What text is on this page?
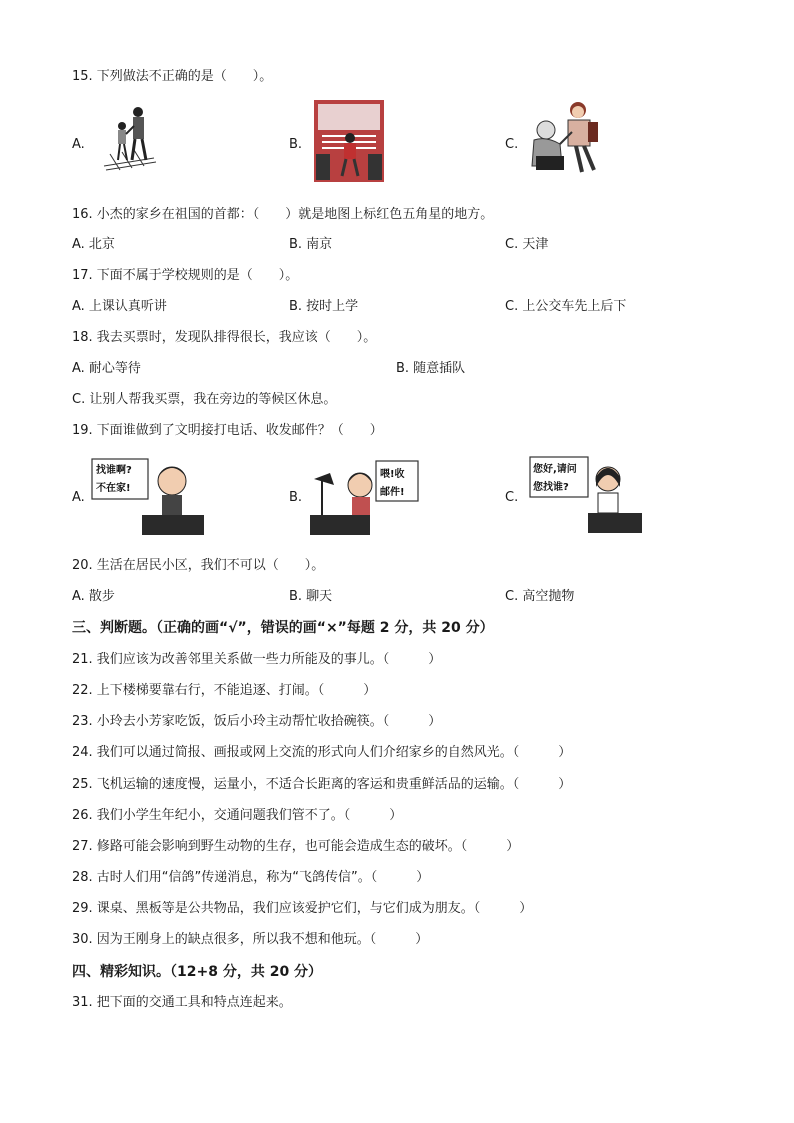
15. 下列做法不正确的是（　　）。
A.	B.	C.
16. 小杰的家乡在祖国的首都：（　　）就是地图上标红色五角星的地方。
A. 北京	B. 南京	C. 天津
17. 下面不属于学校规则的是（　　）。
A. 上课认真听讲	B. 按时上学	C. 上公交车先上后下
18. 我去买票时，发现队排得很长，我应该（　　）。
A. 耐心等待	B. 随意插队
C. 让别人帮我买票，我在旁边的等候区休息。
19. 下面谁做到了文明接打电话、收发邮件？（　　）
A.
找谁啊?
不在家!
B.
喂!收
邮件!	C.
您好,请问
您找谁?
20. 生活在居民小区，我们不可以（　　）。
A. 散步	B. 聊天	C. 高空抛物
三、判断题。（正确的画“√”，错误的画“×”每题 2 分，共 20 分）
21. 我们应该为改善邻里关系做一些力所能及的事儿。（　　　）
22. 上下楼梯要靠右行，不能追逐、打闹。（　　　）
23. 小玲去小芳家吃饭，饭后小玲主动帮忙收拾碗筷。（　　　）
24. 我们可以通过简报、画报或网上交流的形式向人们介绍家乡的自然风光。（　　　）
25. 飞机运输的速度慢，运量小，不适合长距离的客运和贵重鲜活品的运输。（　　　）
26. 我们小学生年纪小，交通问题我们管不了。（　　　）
27. 修路可能会影响到野生动物的生存，也可能会造成生态的破坏。（　　　）
28. 古时人们用“信鸽”传递消息，称为“飞鸽传信”。（　　　）
29. 课桌、黑板等是公共物品，我们应该爱护它们，与它们成为朋友。（　　　）
30. 因为王刚身上的缺点很多，所以我不想和他玩。（　　　）
四、精彩知识。（12+8 分，共 20 分）
31. 把下面的交通工具和特点连起来。
